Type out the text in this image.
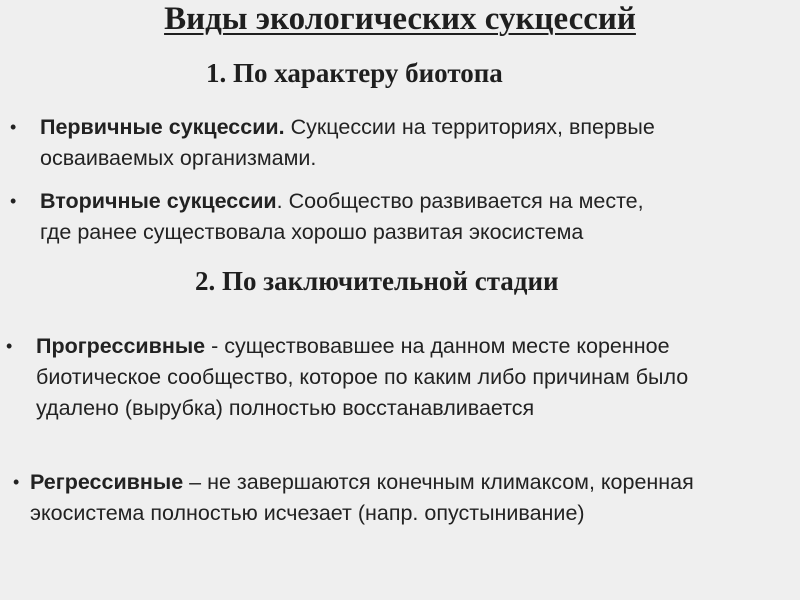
Виды экологических сукцессий
1. По характеру биотопа
• Первичные сукцессии. Сукцессии на территориях, впервые
осваиваемых организмами.
• Вторичные сукцессии. Сообщество развивается на месте,
где ранее существовала хорошо развитая экосистема
2. По заключительной стадии
• Прогрессивные - существовавшее на данном месте коренное
биотическое сообщество, которое по каким либо причинам было
удалено (вырубка) полностью восстанавливается
• Регрессивные – не завершаются конечным климаксом, коренная
экосистема полностью исчезает (напр. опустынивание)
